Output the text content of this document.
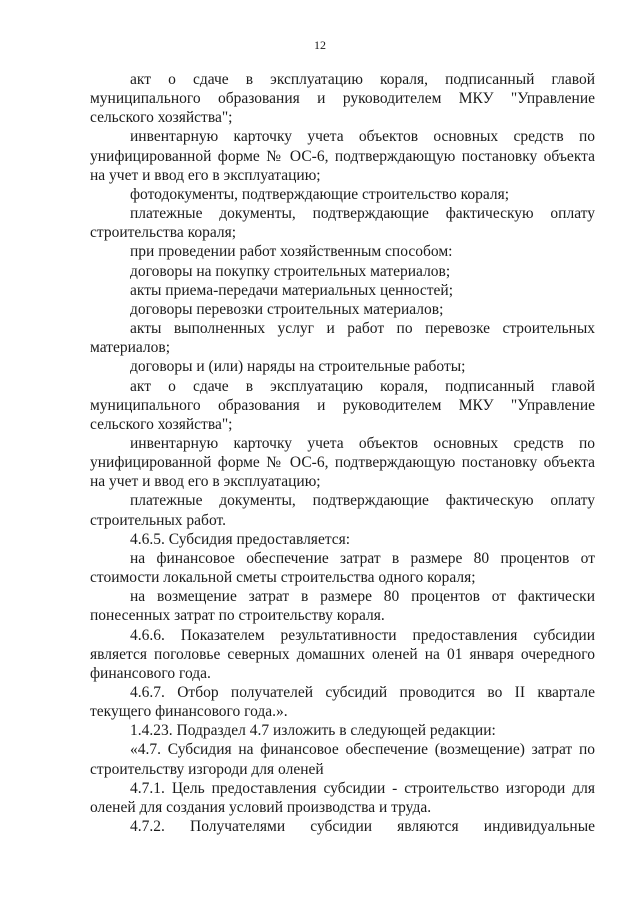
12

акт о сдаче в эксплуатацию кораля, подписанный главой муниципального образования и руководителем МКУ "Управление сельского хозяйства";

инвентарную карточку учета объектов основных средств по унифицированной форме № ОС-6, подтверждающую постановку объекта на учет и ввод его в эксплуатацию;

фотодокументы, подтверждающие строительство кораля;

платежные документы, подтверждающие фактическую оплату строительства кораля;

при проведении работ хозяйственным способом:

договоры на покупку строительных материалов;

акты приема-передачи материальных ценностей;

договоры перевозки строительных материалов;

акты выполненных услуг и работ по перевозке строительных материалов;

договоры и (или) наряды на строительные работы;

акт о сдаче в эксплуатацию кораля, подписанный главой муниципального образования и руководителем МКУ "Управление сельского хозяйства";

инвентарную карточку учета объектов основных средств по унифицированной форме № ОС-6, подтверждающую постановку объекта на учет и ввод его в эксплуатацию;

платежные документы, подтверждающие фактическую оплату строительных работ.

4.6.5. Субсидия предоставляется:

на финансовое обеспечение затрат в размере 80 процентов от стоимости локальной сметы строительства одного кораля;

на возмещение затрат в размере 80 процентов от фактически понесенных затрат по строительству кораля.

4.6.6. Показателем результативности предоставления субсидии является поголовье северных домашних оленей на 01 января очередного финансового года.

4.6.7. Отбор получателей субсидий проводится во II квартале текущего финансового года.».

1.4.23. Подраздел 4.7 изложить в следующей редакции:

«4.7. Субсидия на финансовое обеспечение (возмещение) затрат по строительству изгороди для оленей

4.7.1. Цель предоставления субсидии - строительство изгороди для оленей для создания условий производства и труда.

4.7.2. Получателями субсидии являются индивидуальные
